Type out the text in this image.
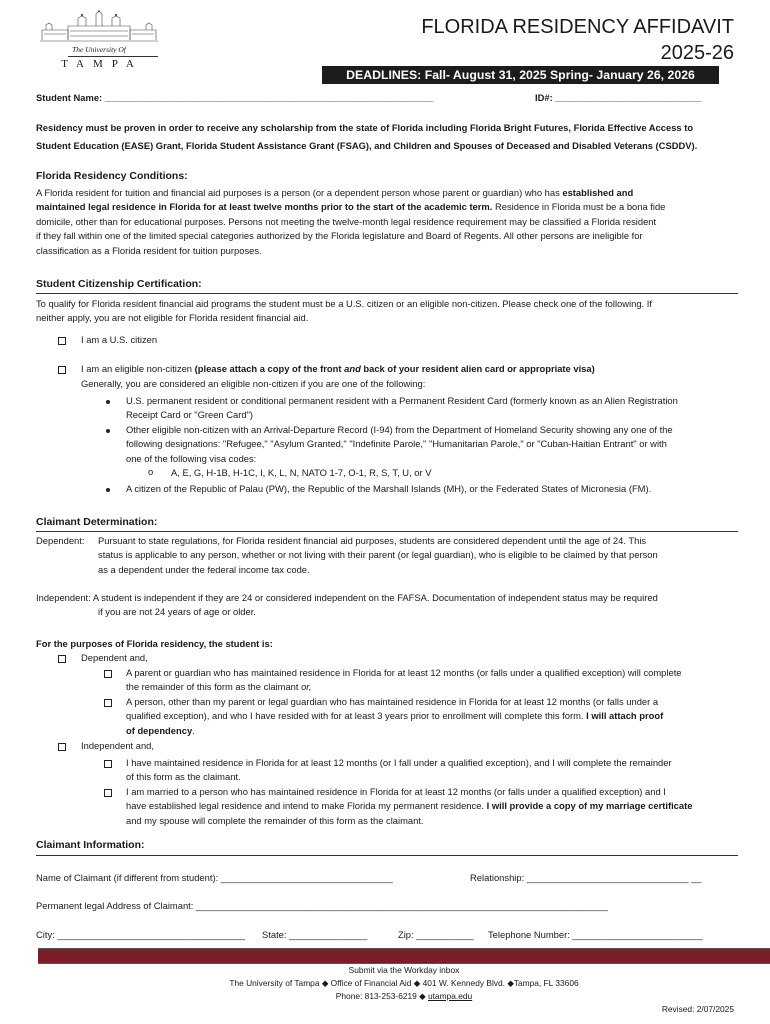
The University Of
TAMPA
FLORIDA RESIDENCY AFFIDAVIT
2025-26
DEADLINES: Fall- August 31, 2025 Spring- January 26, 2026
Student Name: _______________________________________________________________	ID#: ____________________________
Residency must be proven in order to receive any scholarship from the state of Florida including Florida Bright Futures, Florida Effective Access to
Student Education (EASE) Grant, Florida Student Assistance Grant (FSAG), and Children and Spouses of Deceased and Disabled Veterans (CSDDV).
Florida Residency Conditions:
A Florida resident for tuition and financial aid purposes is a person (or a dependent person whose parent or guardian) who has established and
maintained legal residence in Florida for at least twelve months prior to the start of the academic term. Residence in Florida must be a bona fide
domicile, other than for educational purposes. Persons not meeting the twelve-month legal residence requirement may be classified a Florida resident
if they fall within one of the limited special categories authorized by the Florida legislature and Board of Regents. All other persons are ineligible for
classification as a Florida resident for tuition purposes.
Student Citizenship Certification:
To qualify for Florida resident financial aid programs the student must be a U.S. citizen or an eligible non-citizen. Please check one of the following. If
neither apply, you are not eligible for Florida resident financial aid.
I am a U.S. citizen
I am an eligible non-citizen (please attach a copy of the front and back of your resident alien card or appropriate visa)
Generally, you are considered an eligible non-citizen if you are one of the following:
U.S. permanent resident or conditional permanent resident with a Permanent Resident Card (formerly known as an Alien Registration
Receipt Card or "Green Card")
Other eligible non-citizen with an Arrival-Departure Record (I-94) from the Department of Homeland Security showing any one of the
following designations: "Refugee," "Asylum Granted," "Indefinite Parole," "Humanitarian Parole," or "Cuban-Haitian Entrant" or with
one of the following visa codes:
o A, E, G, H-1B, H-1C, I, K, L, N, NATO 1-7, O-1, R, S, T, U, or V
A citizen of the Republic of Palau (PW), the Republic of the Marshall Islands (MH), or the Federated States of Micronesia (FM).
Claimant Determination:
Dependent: Pursuant to state regulations, for Florida resident financial aid purposes, students are considered dependent until the age of 24. This
status is applicable to any person, whether or not living with their parent (or legal guardian), who is eligible to be claimed by that person
as a dependent under the federal income tax code.
Independent: A student is independent if they are 24 or considered independent on the FAFSA. Documentation of independent status may be required
if you are not 24 years of age or older.
For the purposes of Florida residency, the student is:
Dependent and,
A parent or guardian who has maintained residence in Florida for at least 12 months (or falls under a qualified exception) will complete
the remainder of this form as the claimant or,
A person, other than my parent or legal guardian who has maintained residence in Florida for at least 12 months (or falls under a
qualified exception), and who I have resided with for at least 3 years prior to enrollment will complete this form. I will attach proof
of dependency.
Independent and,
I have maintained residence in Florida for at least 12 months (or I fall under a qualified exception), and I will complete the remainder
of this form as the claimant.
I am married to a person who has maintained residence in Florida for at least 12 months (or falls under a qualified exception) and I
have established legal residence and intend to make Florida my permanent residence. I will provide a copy of my marriage certificate
and my spouse will complete the remainder of this form as the claimant.
Claimant Information:
Name of Claimant (if different from student): _________________________________	Relationship: _______________________________ __
Permanent legal Address of Claimant: _______________________________________________________________________________
City: ____________________________________ State: _______________	Zip: ___________ Telephone Number: _________________________
Submit via the Workday inbox
The University of Tampa ◆ Office of Financial Aid ◆ 401 W. Kennedy Blvd. ◆Tampa, FL 33606
Phone: 813-253-6219 ◆ utampa.edu
Revised: 2/07/2025
